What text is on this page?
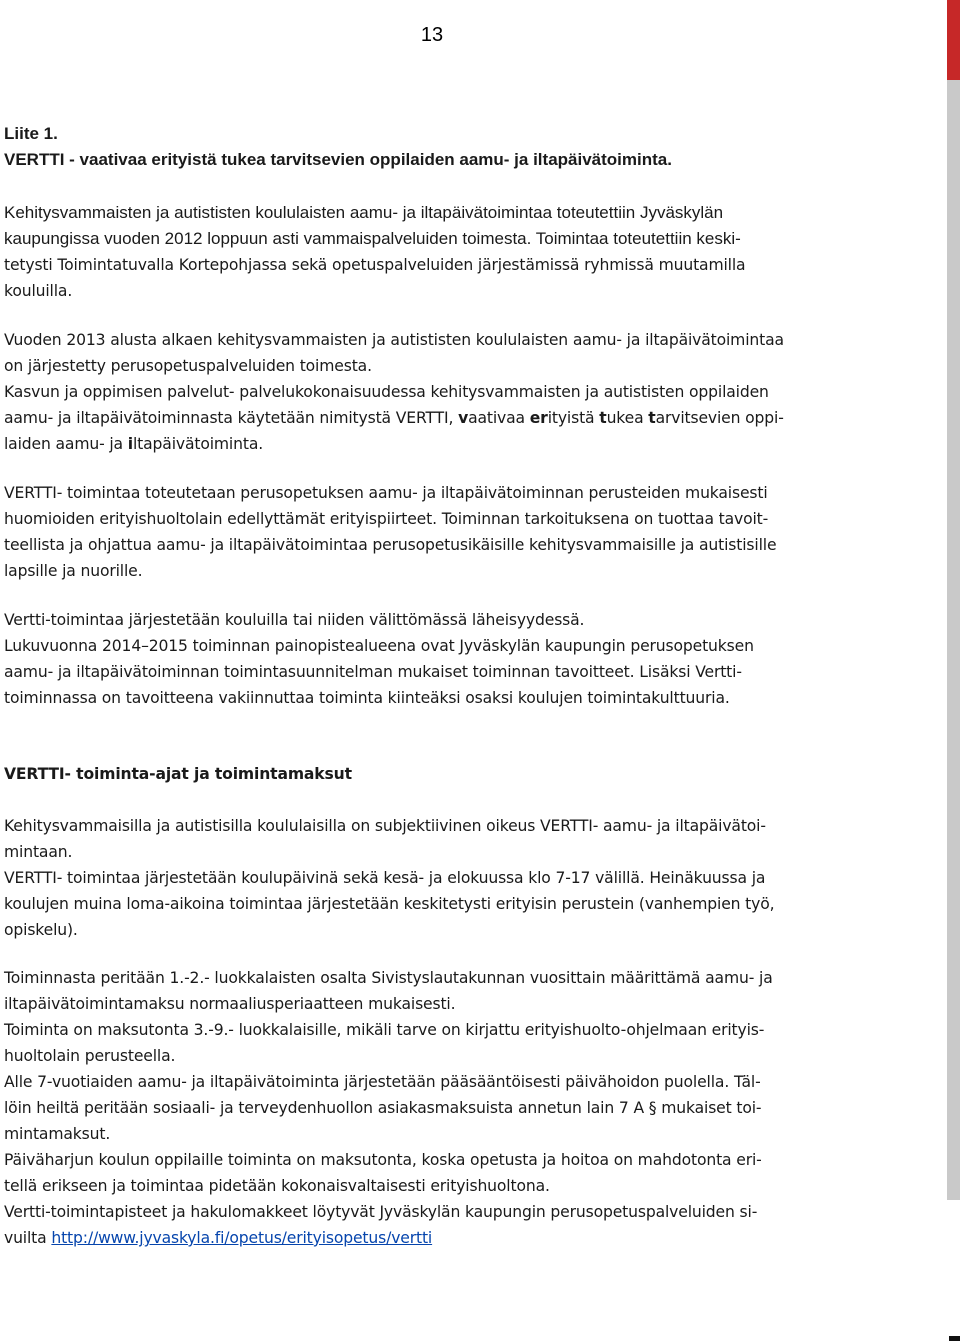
13
Liite 1.
VERTTI - vaativaa erityistä tukea tarvitsevien oppilaiden aamu- ja iltapäivätoiminta.
Kehitysvammaisten ja autististen koululaisten aamu- ja iltapäivätoimintaa toteutettiin Jyväskylän
kaupungissa vuoden 2012 loppuun asti vammaispalveluiden toimesta. Toimintaa toteutettiin keski-
tetysti Toimintatuvalla Kortepohjassa sekä opetuspalveluiden järjestämissä ryhmissä muutamilla
kouluilla.
Vuoden 2013 alusta alkaen kehitysvammaisten ja autististen koululaisten aamu- ja iltapäivätoimintaa
on järjestetty perusopetuspalveluiden toimesta.
Kasvun ja oppimisen palvelut- palvelukokonaisuudessa kehitysvammaisten ja autististen oppilaiden
aamu- ja iltapäivätoiminnasta käytetään nimitystä VERTTI, vaativaa erityistä tukea tarvitsevien oppi-
laiden aamu- ja iltapäivätoiminta.
VERTTI- toimintaa toteutetaan perusopetuksen aamu- ja iltapäivätoiminnan perusteiden mukaisesti
huomioiden erityishuoltolain edellyttämät erityispiirteet. Toiminnan tarkoituksena on tuottaa tavoit-
teellista ja ohjattua aamu- ja iltapäivätoimintaa perusopetusikäisille kehitysvammaisille ja autistisille
lapsille ja nuorille.
Vertti-toimintaa järjestetään kouluilla tai niiden välittömässä läheisyydessä.
Lukuvuonna 2014–2015 toiminnan painopistealueena ovat Jyväskylän kaupungin perusopetuksen
aamu- ja iltapäivätoiminnan toimintasuunnitelman mukaiset toiminnan tavoitteet. Lisäksi Vertti-
toiminnassa on tavoitteena vakiinnuttaa toiminta kiinteäksi osaksi koulujen toimintakulttuuria.
VERTTI- toiminta-ajat ja toimintamaksut
Kehitysvammaisilla ja autistisilla koululaisilla on subjektiivinen oikeus VERTTI- aamu- ja iltapäivätoi-
mintaan.
VERTTI- toimintaa järjestetään koulupäivinä sekä kesä- ja elokuussa klo 7-17 välillä. Heinäkuussa ja
koulujen muina loma-aikoina toimintaa järjestetään keskitetysti erityisin perustein (vanhempien työ,
opiskelu).
Toiminnasta peritään 1.-2.- luokkalaisten osalta Sivistyslautakunnan vuosittain määrittämä aamu- ja
iltapäivätoimintamaksu normaaliusperiaatteen mukaisesti.
Toiminta on maksutonta 3.-9.- luokkalaisille, mikäli tarve on kirjattu erityishuolto-ohjelmaan erityis-
huoltolain perusteella.
Alle 7-vuotiaiden aamu- ja iltapäivätoiminta järjestetään pääsääntöisesti päivähoidon puolella. Täl-
löin heiltä peritään sosiaali- ja terveydenhuollon asiakasmaksuista annetun lain 7 A § mukaiset toi-
mintamaksut.
Päiväharjun koulun oppilaille toiminta on maksutonta, koska opetusta ja hoitoa on mahdotonta eri-
tellä erikseen ja toimintaa pidetään kokonaisvaltaisesti erityishuoltona.
Vertti-toimintapisteet ja hakulomakkeet löytyvät Jyväskylän kaupungin perusopetuspalveluiden si-
vuilta http://www.jyvaskyla.fi/opetus/erityisopetus/vertti
